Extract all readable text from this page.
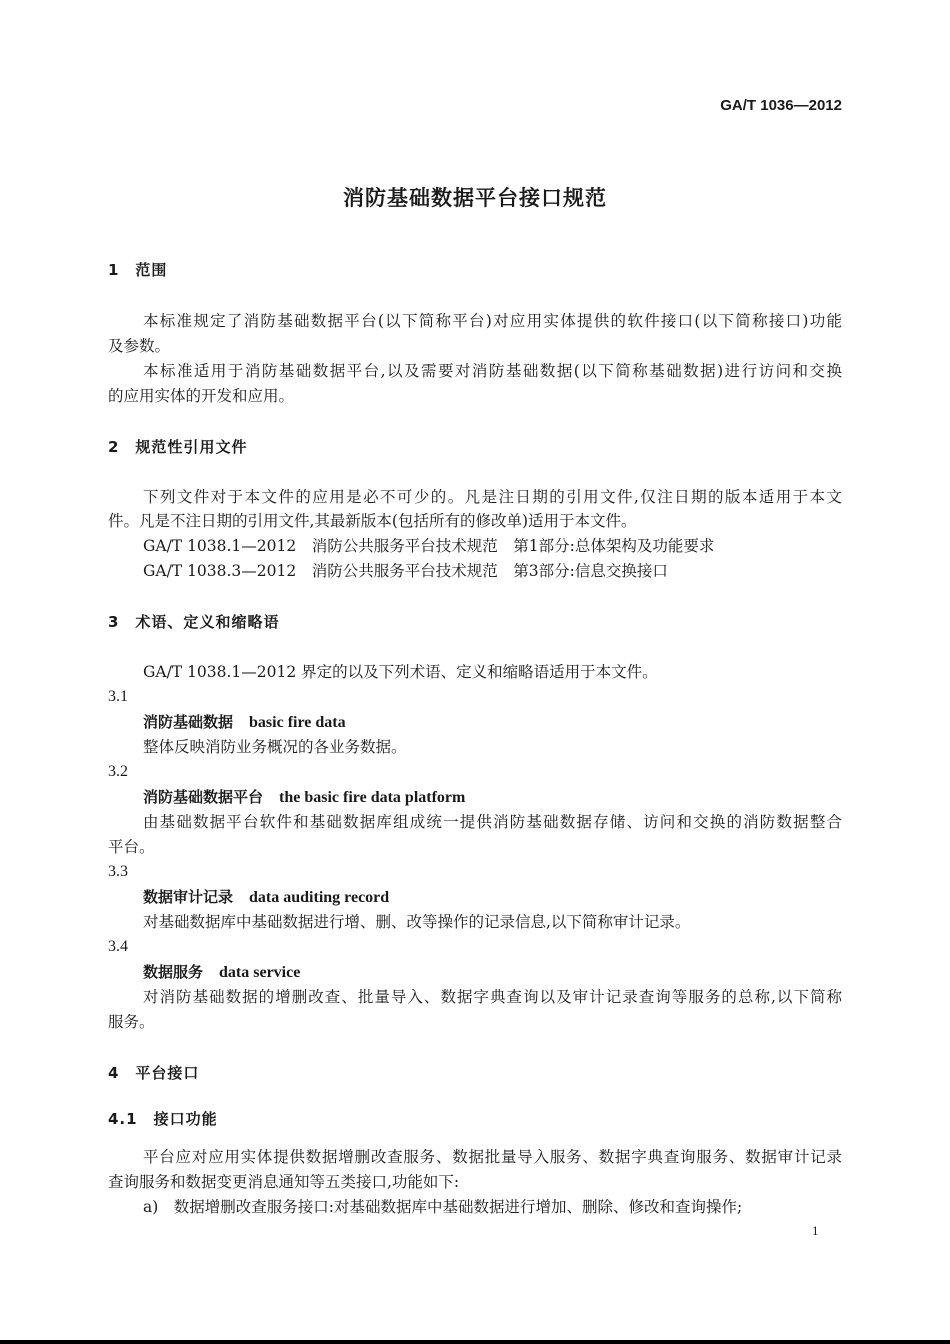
GA/T 1036—2012
消防基础数据平台接口规范
1　范围
本标准规定了消防基础数据平台(以下简称平台)对应用实体提供的软件接口(以下简称接口)功能
及参数。
本标准适用于消防基础数据平台,以及需要对消防基础数据(以下简称基础数据)进行访问和交换
的应用实体的开发和应用。
2　规范性引用文件
下列文件对于本文件的应用是必不可少的。凡是注日期的引用文件,仅注日期的版本适用于本文
件。凡是不注日期的引用文件,其最新版本(包括所有的修改单)适用于本文件。
GA/T 1038.1—2012　消防公共服务平台技术规范　第1部分:总体架构及功能要求
GA/T 1038.3—2012　消防公共服务平台技术规范　第3部分:信息交换接口
3　术语、定义和缩略语
GA/T 1038.1—2012 界定的以及下列术语、定义和缩略语适用于本文件。
3.1
消防基础数据 basic fire data
整体反映消防业务概况的各业务数据。
3.2
消防基础数据平台 the basic fire data platform
由基础数据平台软件和基础数据库组成统一提供消防基础数据存储、访问和交换的消防数据整合
平台。
3.3
数据审计记录 data auditing record
对基础数据库中基础数据进行增、删、改等操作的记录信息,以下简称审计记录。
3.4
数据服务 data service
对消防基础数据的增删改查、批量导入、数据字典查询以及审计记录查询等服务的总称,以下简称
服务。
4　平台接口
4.1　接口功能
平台应对应用实体提供数据增删改查服务、数据批量导入服务、数据字典查询服务、数据审计记录
查询服务和数据变更消息通知等五类接口,功能如下:
a)　数据增删改查服务接口:对基础数据库中基础数据进行增加、删除、修改和查询操作;
1
